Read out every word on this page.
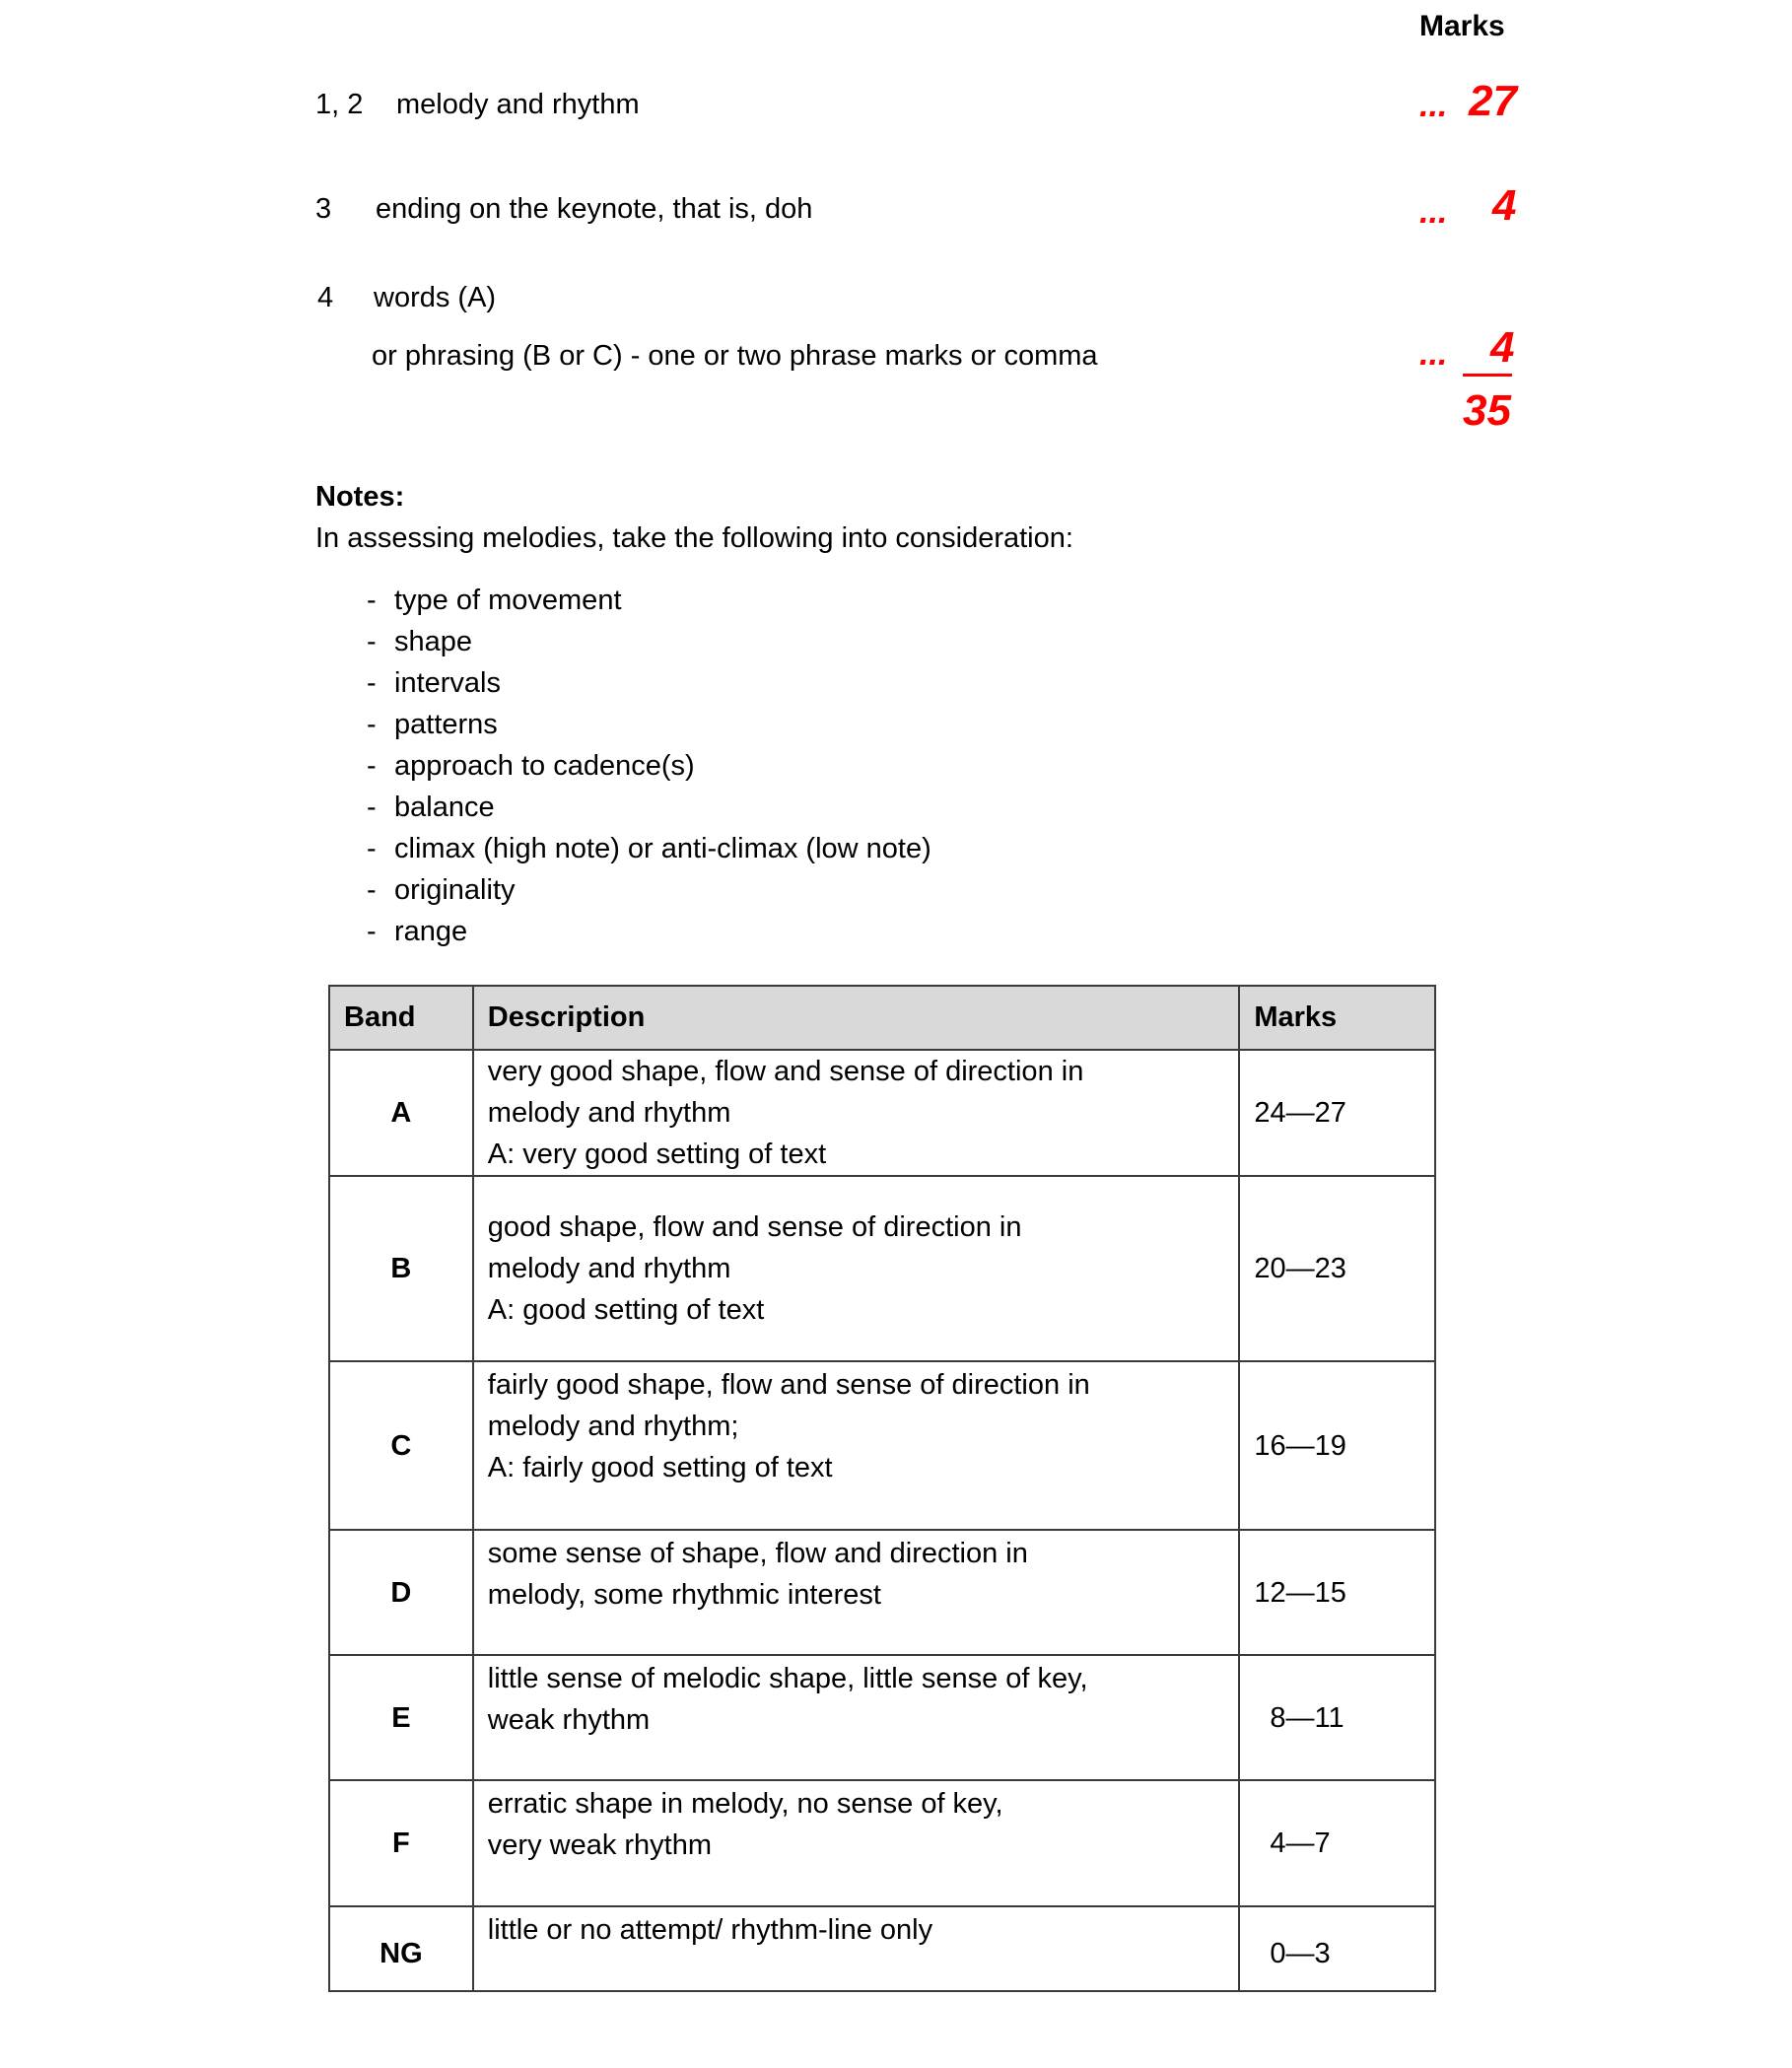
Marks
1, 2 melody and rhythm	... 27
3 ending on the keynote, that is, doh	... 4
4 words (A)
or phrasing (B or C) - one or two phrase marks or comma	... 4
35
Notes:
In assessing melodies, take the following into consideration:
- type of movement
- shape
- intervals
- patterns
- approach to cadence(s)
- balance
- climax (high note) or anti-climax (low note)
- originality
- range
Band	Description	Marks
A	very good shape, flow and sense of direction in
melody and rhythm
A: very good setting of text	24—27
B	good shape, flow and sense of direction in
melody and rhythm
A: good setting of text	20—23
C	fairly good shape, flow and sense of direction in
melody and rhythm;
A: fairly good setting of text	16—19
D	some sense of shape, flow and direction in
melody, some rhythmic interest	12—15
E	little sense of melodic shape, little sense of key,
weak rhythm	8—11
F	erratic shape in melody, no sense of key,
very weak rhythm	4—7
NG	little or no attempt/ rhythm-line only	0—3
